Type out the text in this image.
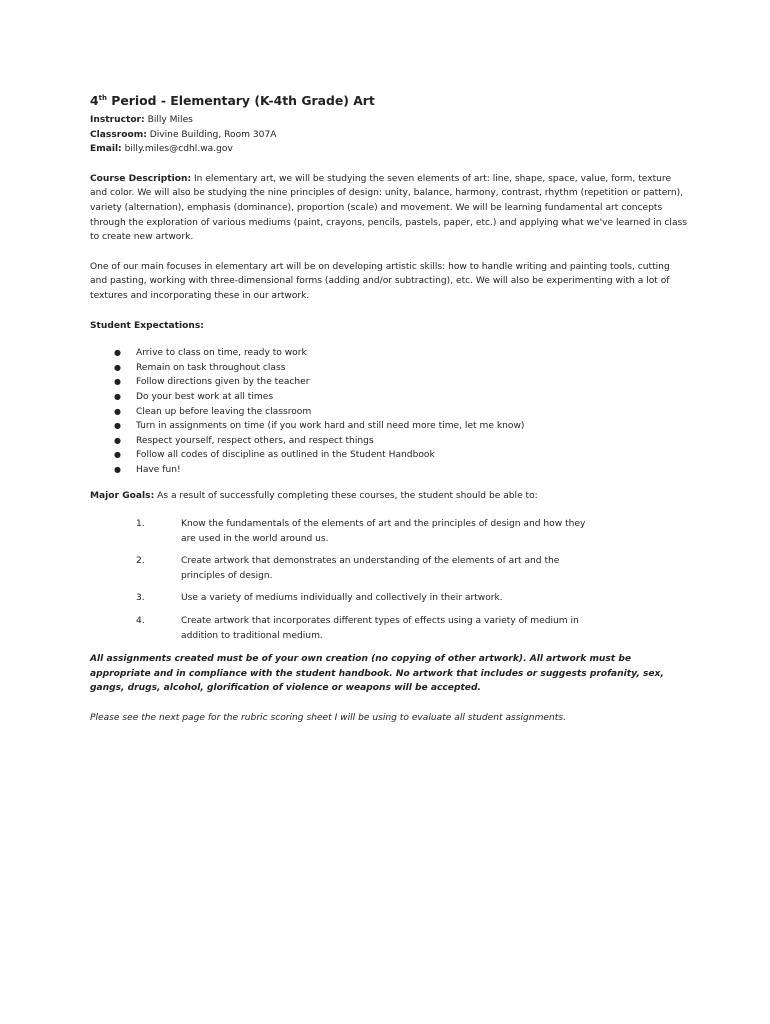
4th Period - Elementary (K-4th Grade) Art

Instructor: Billy Miles

Classroom: Divine Building, Room 307A

Email: billy.miles@cdhl.wa.gov

Course Description: In elementary art, we will be studying the seven elements of art: line, shape, space, value, form, texture and color. We will also be studying the nine principles of design: unity, balance, harmony, contrast, rhythm (repetition or pattern), variety (alternation), emphasis (dominance), proportion (scale) and movement. We will be learning fundamental art concepts through the exploration of various mediums (paint, crayons, pencils, pastels, paper, etc.) and applying what we've learned in class to create new artwork.

One of our main focuses in elementary art will be on developing artistic skills: how to handle writing and painting tools, cutting and pasting, working with three-dimensional forms (adding and/or subtracting), etc. We will also be experimenting with a lot of textures and incorporating these in our artwork.

Student Expectations:

● Arrive to class on time, ready to work
● Remain on task throughout class
● Follow directions given by the teacher
● Do your best work at all times
● Clean up before leaving the classroom
● Turn in assignments on time (if you work hard and still need more time, let me know)
● Respect yourself, respect others, and respect things
● Follow all codes of discipline as outlined in the Student Handbook
● Have fun!

Major Goals: As a result of successfully completing these courses, the student should be able to:

1.	Know the fundamentals of the elements of art and the principles of design and how they are used in the world around us.
2.	Create artwork that demonstrates an understanding of the elements of art and the principles of design.
3.	Use a variety of mediums individually and collectively in their artwork.
4.	Create artwork that incorporates different types of effects using a variety of medium in addition to traditional medium.

All assignments created must be of your own creation (no copying of other artwork). All artwork must be appropriate and in compliance with the student handbook. No artwork that includes or suggests profanity, sex, gangs, drugs, alcohol, glorification of violence or weapons will be accepted.

Please see the next page for the rubric scoring sheet I will be using to evaluate all student assignments.
